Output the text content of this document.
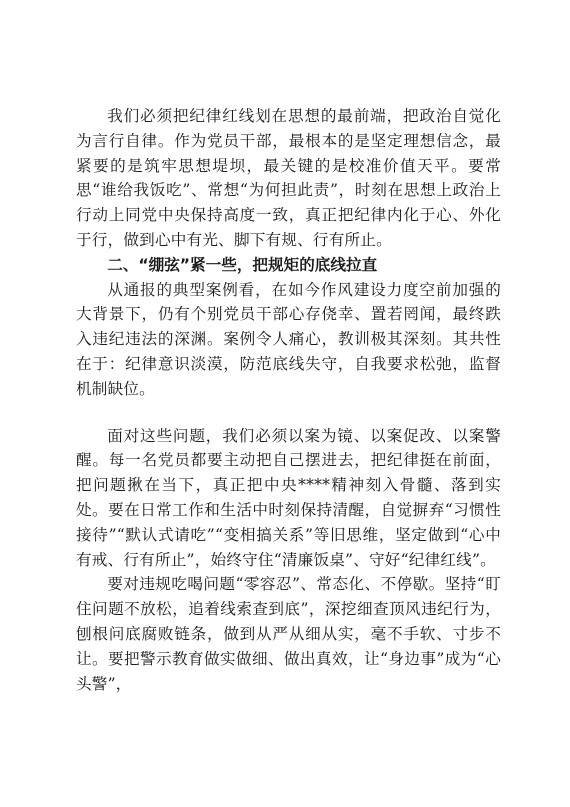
我们必须把纪律红线划在思想的最前端，把政治自觉化为言行自律。作为党员干部，最根本的是坚定理想信念，最紧要的是筑牢思想堤坝，最关键的是校准价值天平。要常思“谁给我饭吃”、常想“为何担此责”，时刻在思想上政治上行动上同党中央保持高度一致，真正把纪律内化于心、外化于行，做到心中有光、脚下有规、行有所止。

二、“绷弦”紧一些，把规矩的底线拉直

从通报的典型案例看，在如今作风建设力度空前加强的大背景下，仍有个别党员干部心存侥幸、置若罔闻，最终跌入违纪违法的深渊。案例令人痛心，教训极其深刻。其共性在于：纪律意识淡漠，防范底线失守，自我要求松弛，监督机制缺位。

面对这些问题，我们必须以案为镜、以案促改、以案警醒。每一名党员都要主动把自己摆进去，把纪律挺在前面，把问题揪在当下，真正把中央****精神刻入骨髓、落到实处。要在日常工作和生活中时刻保持清醒，自觉摒弃“习惯性接待”“默认式请吃”“变相搞关系”等旧思维，坚定做到“心中有戒、行有所止”，始终守住“清廉饭桌”、守好“纪律红线”。

要对违规吃喝问题“零容忍”、常态化、不停歇。坚持“盯住问题不放松，追着线索查到底”，深挖细查顶风违纪行为，刨根问底腐败链条，做到从严从细从实，毫不手软、寸步不让。要把警示教育做实做细、做出真效，让“身边事”成为“心头警”，
